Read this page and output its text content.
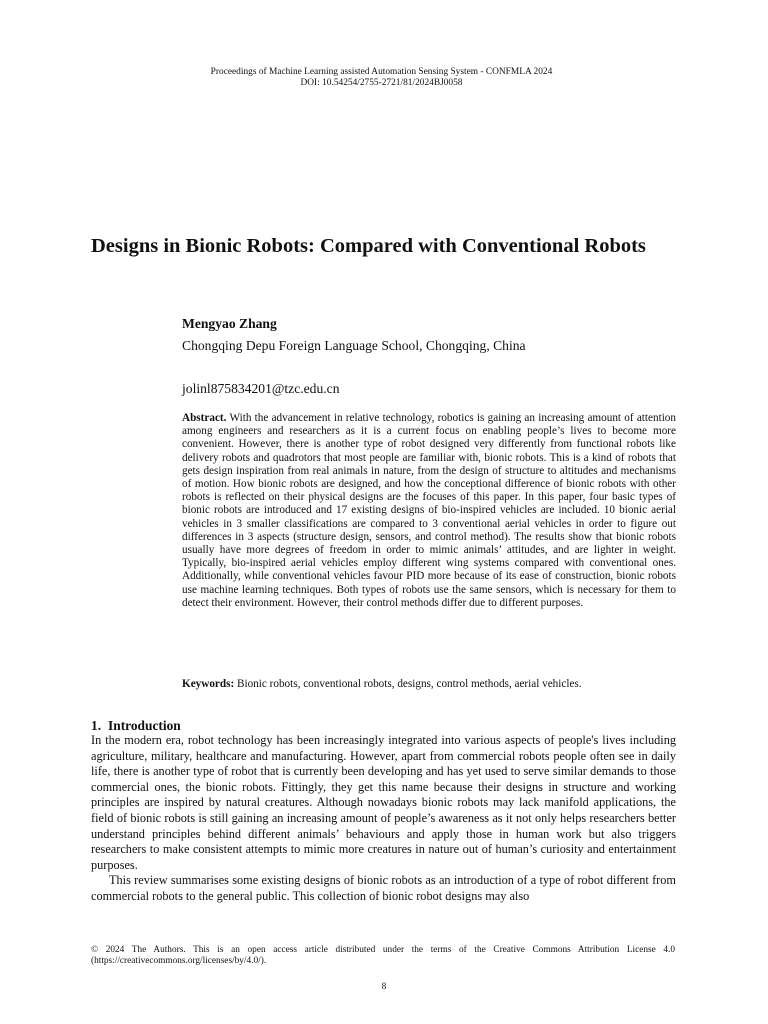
Proceedings of Machine Learning assisted Automation Sensing System - CONFMLA 2024
DOI: 10.54254/2755-2721/81/2024BJ0058
Designs in Bionic Robots: Compared with Conventional Robots
Mengyao Zhang
Chongqing Depu Foreign Language School, Chongqing, China
jolinl875834201@tzc.edu.cn

Abstract. With the advancement in relative technology, robotics is gaining an increasing amount of attention among engineers and researchers as it is a current focus on enabling people’s lives to become more convenient. However, there is another type of robot designed very differently from functional robots like delivery robots and quadrotors that most people are familiar with, bionic robots. This is a kind of robots that gets design inspiration from real animals in nature, from the design of structure to altitudes and mechanisms of motion. How bionic robots are designed, and how the conceptional difference of bionic robots with other robots is reflected on their physical designs are the focuses of this paper. In this paper, four basic types of bionic robots are introduced and 17 existing designs of bio-inspired vehicles are included. 10 bionic aerial vehicles in 3 smaller classifications are compared to 3 conventional aerial vehicles in order to figure out differences in 3 aspects (structure design, sensors, and control method). The results show that bionic robots usually have more degrees of freedom in order to mimic animals’ attitudes, and are lighter in weight. Typically, bio-inspired aerial vehicles employ different wing systems compared with conventional ones. Additionally, while conventional vehicles favour PID more because of its ease of construction, bionic robots use machine learning techniques. Both types of robots use the same sensors, which is necessary for them to detect their environment. However, their control methods differ due to different purposes.

Keywords: Bionic robots, conventional robots, designs, control methods, aerial vehicles.

1. Introduction

In the modern era, robot technology has been increasingly integrated into various aspects of people's lives including agriculture, military, healthcare and manufacturing. However, apart from commercial robots people often see in daily life, there is another type of robot that is currently been developing and has yet used to serve similar demands to those commercial ones, the bionic robots. Fittingly, they get this name because their designs in structure and working principles are inspired by natural creatures. Although nowadays bionic robots may lack manifold applications, the field of bionic robots is still gaining an increasing amount of people’s awareness as it not only helps researchers better understand principles behind different animals’ behaviours and apply those in human work but also triggers researchers to make consistent attempts to mimic more creatures in nature out of human’s curiosity and entertainment purposes.

This review summarises some existing designs of bionic robots as an introduction of a type of robot different from commercial robots to the general public. This collection of bionic robot designs may also

© 2024 The Authors. This is an open access article distributed under the terms of the Creative Commons Attribution License 4.0 (https://creativecommons.org/licenses/by/4.0/).

8
